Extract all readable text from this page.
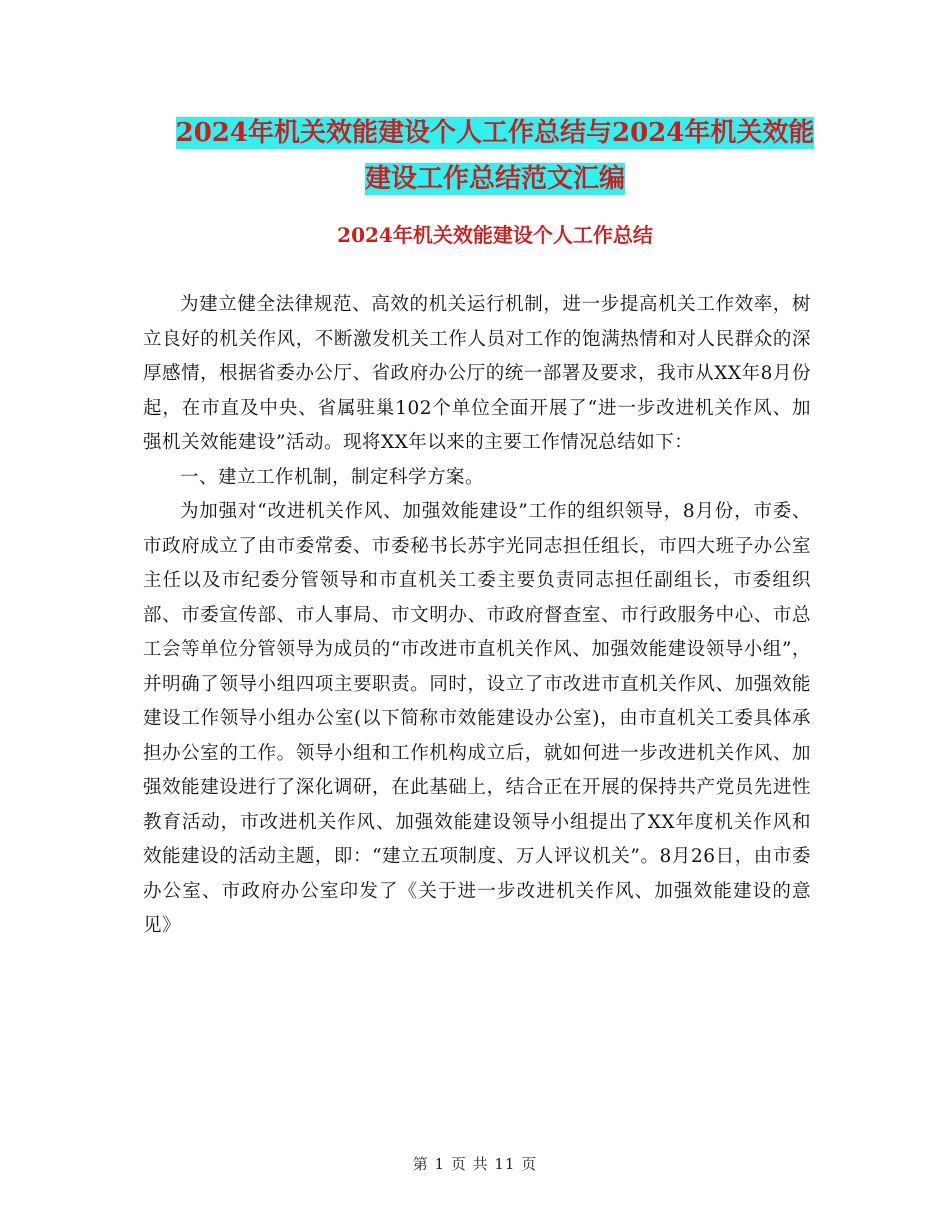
2024年机关效能建设个人工作总结与2024年机关效能
建设工作总结范文汇编
2024年机关效能建设个人工作总结

为建立健全法律规范、高效的机关运行机制，进一步提高机关工作效率，树立良好的机关作风，不断激发机关工作人员对工作的饱满热情和对人民群众的深厚感情，根据省委办公厅、省政府办公厅的统一部署及要求，我市从XX年8月份起，在市直及中央、省属驻巢102个单位全面开展了“进一步改进机关作风、加强机关效能建设”活动。现将XX年以来的主要工作情况总结如下：

一、建立工作机制，制定科学方案。

为加强对“改进机关作风、加强效能建设”工作的组织领导，8月份，市委、市政府成立了由市委常委、市委秘书长苏宇光同志担任组长，市四大班子办公室主任以及市纪委分管领导和市直机关工委主要负责同志担任副组长，市委组织部、市委宣传部、市人事局、市文明办、市政府督查室、市行政服务中心、市总工会等单位分管领导为成员的“市改进市直机关作风、加强效能建设领导小组”，并明确了领导小组四项主要职责。同时，设立了市改进市直机关作风、加强效能建设工作领导小组办公室(以下简称市效能建设办公室)，由市直机关工委具体承担办公室的工作。领导小组和工作机构成立后，就如何进一步改进机关作风、加强效能建设进行了深化调研，在此基础上，结合正在开展的保持共产党员先进性教育活动，市改进机关作风、加强效能建设领导小组提出了XX年度机关作风和效能建设的活动主题，即：“建立五项制度、万人评议机关”。8月26日，由市委办公室、市政府办公室印发了《关于进一步改进机关作风、加强效能建设的意见》

第 1 页 共 11 页
